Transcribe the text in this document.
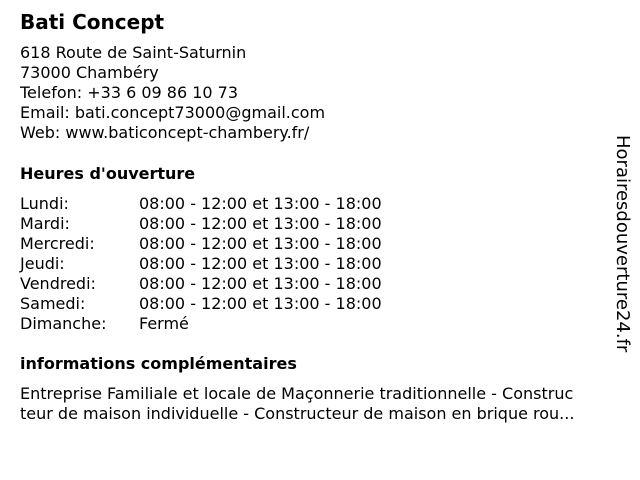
Bati Concept
618 Route de Saint-Saturnin
73000 Chambéry
Telefon: +33 6 09 86 10 73
Email: bati.concept73000@gmail.com
Web: www.baticoncept-chambery.fr/
Heures d'ouverture
Lundi:	08:00 - 12:00 et 13:00 - 18:00
Mardi:	08:00 - 12:00 et 13:00 - 18:00
Mercredi:	08:00 - 12:00 et 13:00 - 18:00
Jeudi:	08:00 - 12:00 et 13:00 - 18:00
Vendredi:	08:00 - 12:00 et 13:00 - 18:00
Samedi:	08:00 - 12:00 et 13:00 - 18:00
Dimanche:	Fermé
informations complémentaires
Entreprise Familiale et locale de Maçonnerie traditionnelle - Construc
teur de maison individuelle - Constructeur de maison en brique rou...
Horairesdouverture24.fr
